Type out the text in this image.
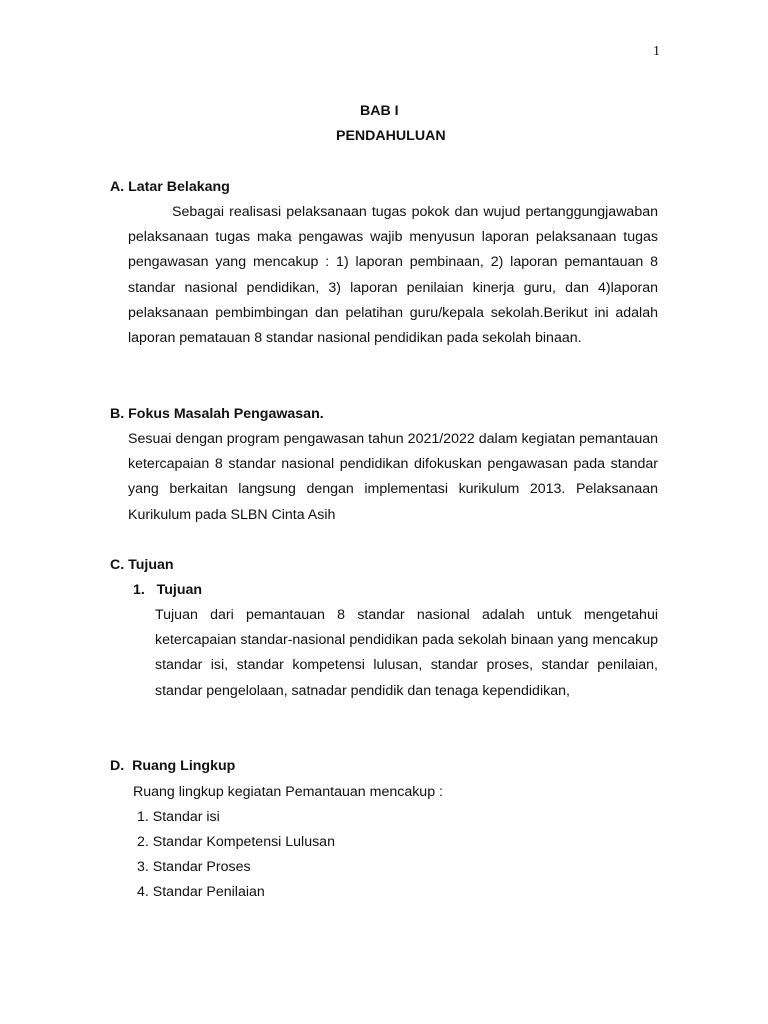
1
BAB I
PENDAHULUAN
A. Latar Belakang

Sebagai realisasi pelaksanaan tugas pokok dan wujud pertanggungjawaban pelaksanaan tugas maka pengawas wajib menyusun laporan pelaksanaan tugas pengawasan yang mencakup : 1) laporan pembinaan, 2) laporan pemantauan 8 standar nasional pendidikan, 3) laporan penilaian kinerja guru, dan 4)laporan pelaksanaan pembimbingan dan pelatihan guru/kepala sekolah.Berikut ini adalah laporan pematauan 8 standar nasional pendidikan pada sekolah binaan.

B. Fokus Masalah Pengawasan.

Sesuai dengan program pengawasan tahun 2021/2022 dalam kegiatan pemantauan ketercapaian 8 standar nasional pendidikan difokuskan pengawasan pada standar yang berkaitan langsung dengan implementasi kurikulum 2013. Pelaksanaan Kurikulum pada SLBN Cinta Asih

C. Tujuan
1.   Tujuan

Tujuan dari pemantauan 8 standar nasional adalah untuk mengetahui ketercapaian standar-nasional pendidikan pada sekolah binaan yang mencakup standar isi, standar kompetensi lulusan, standar proses, standar penilaian, standar pengelolaan, satnadar pendidik dan tenaga kependidikan,

D.  Ruang Lingkup
Ruang lingkup kegiatan Pemantauan mencakup :
1. Standar isi
2. Standar Kompetensi Lulusan
3. Standar Proses
4. Standar Penilaian
